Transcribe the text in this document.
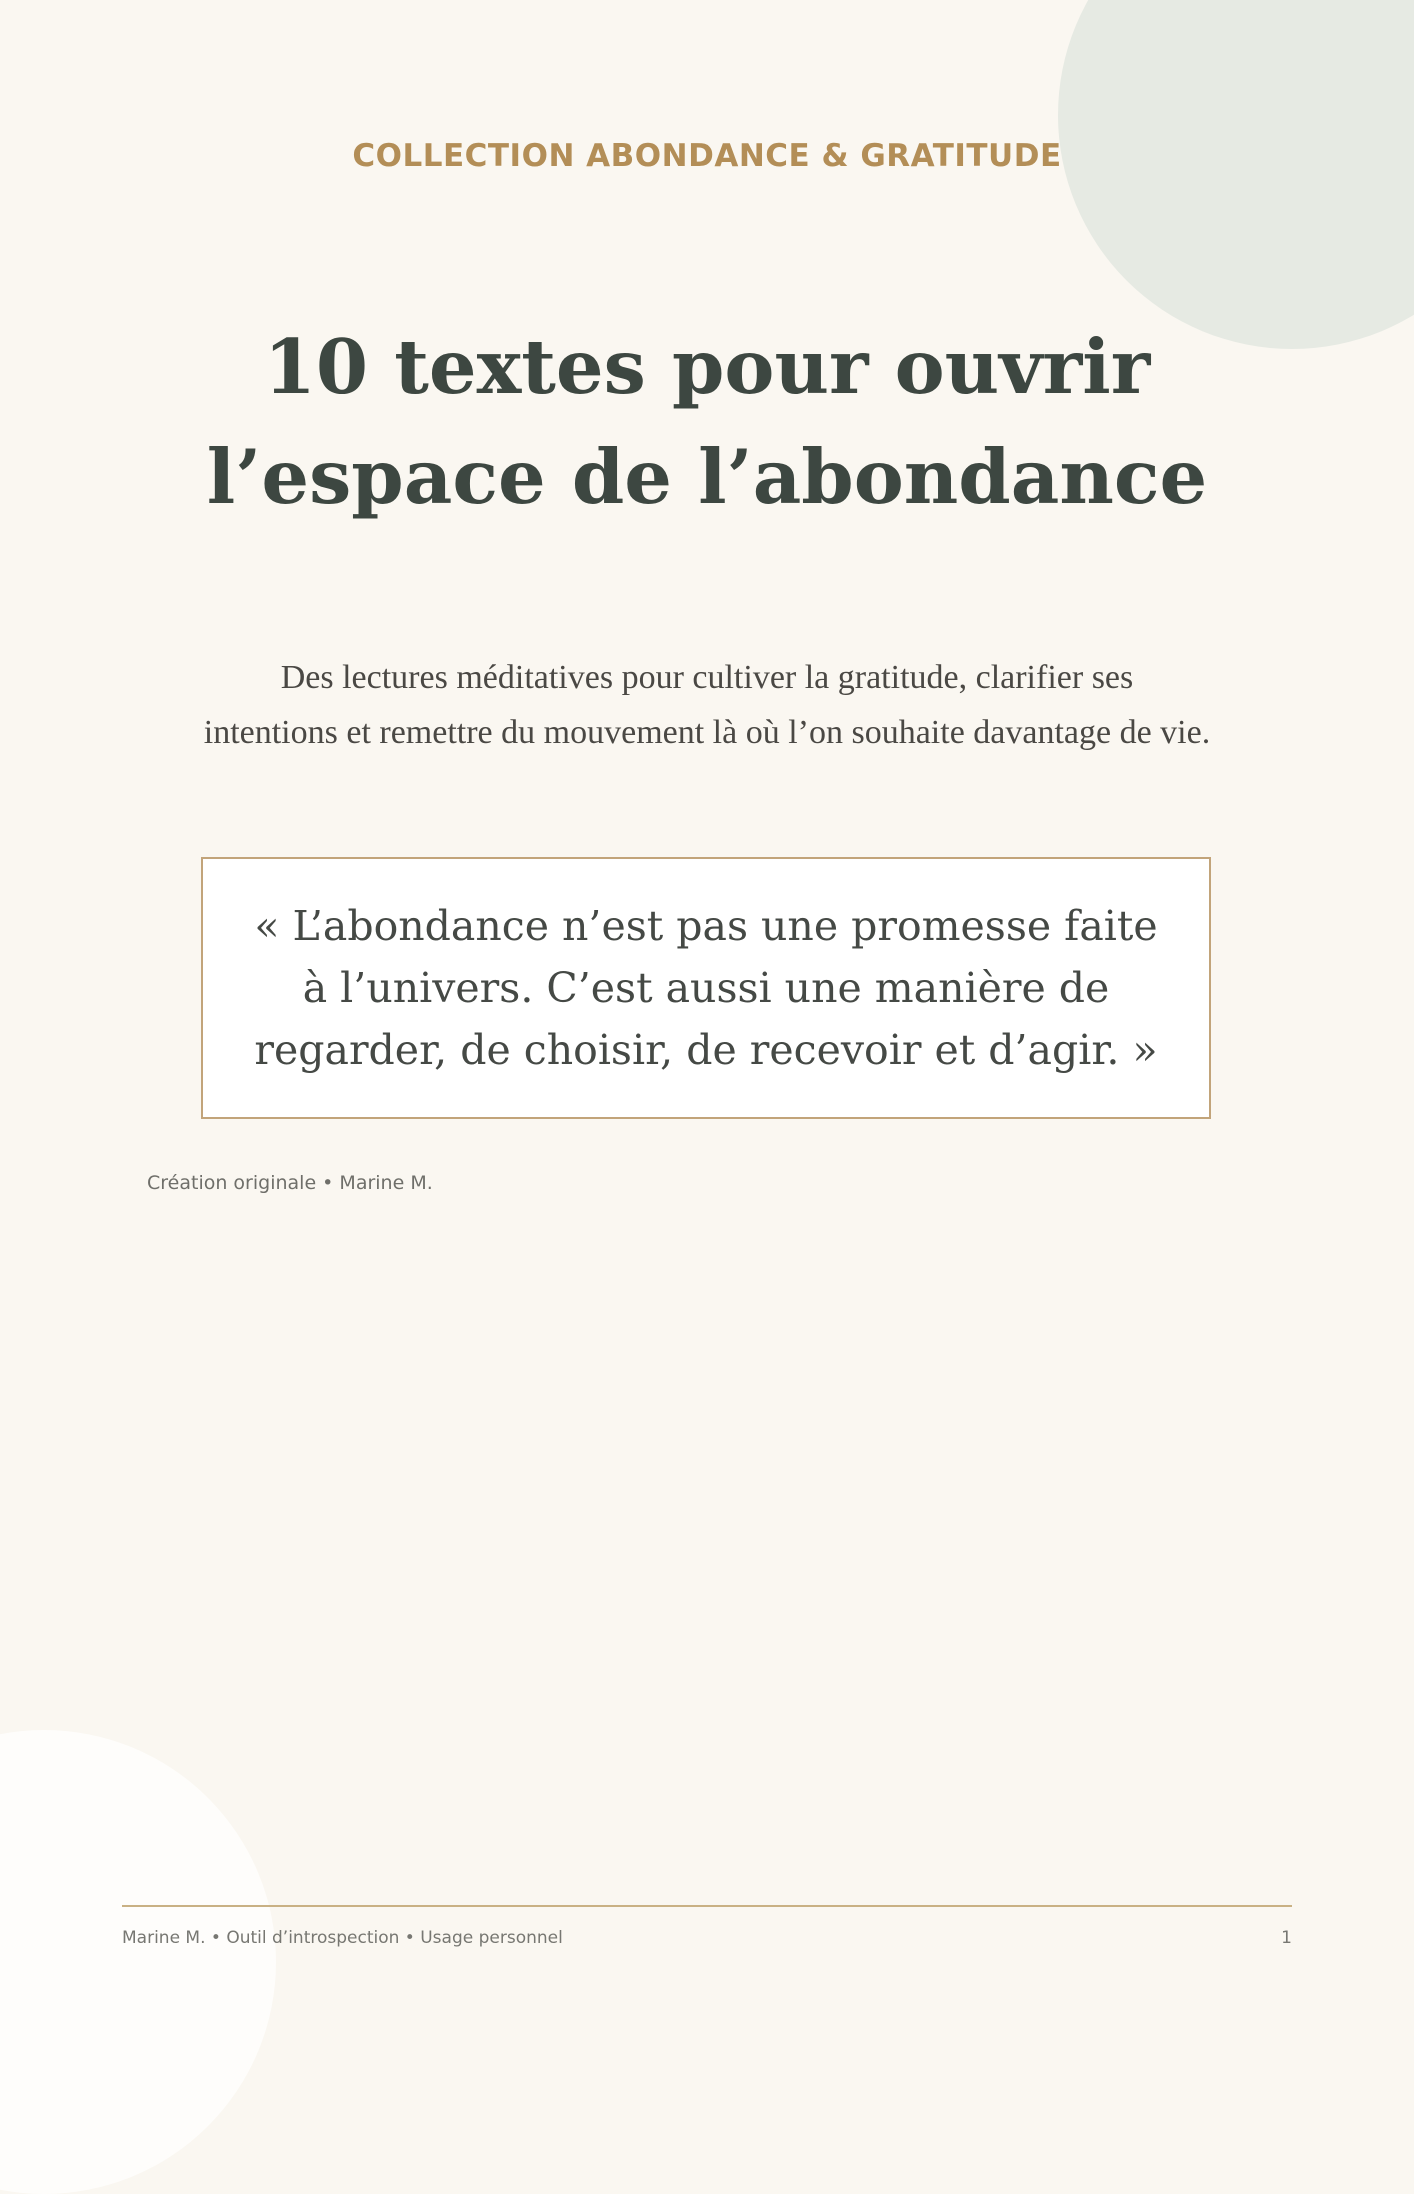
COLLECTION ABONDANCE & GRATITUDE
10 textes pour ouvrir
l’espace de l’abondance
Des lectures méditatives pour cultiver la gratitude, clarifier ses
intentions et remettre du mouvement là où l’on souhaite davantage de vie.
« L’abondance n’est pas une promesse faite
à l’univers. C’est aussi une manière de
regarder, de choisir, de recevoir et d’agir. »
Création originale • Marine M.
Marine M. • Outil d’introspection • Usage personnel	1
